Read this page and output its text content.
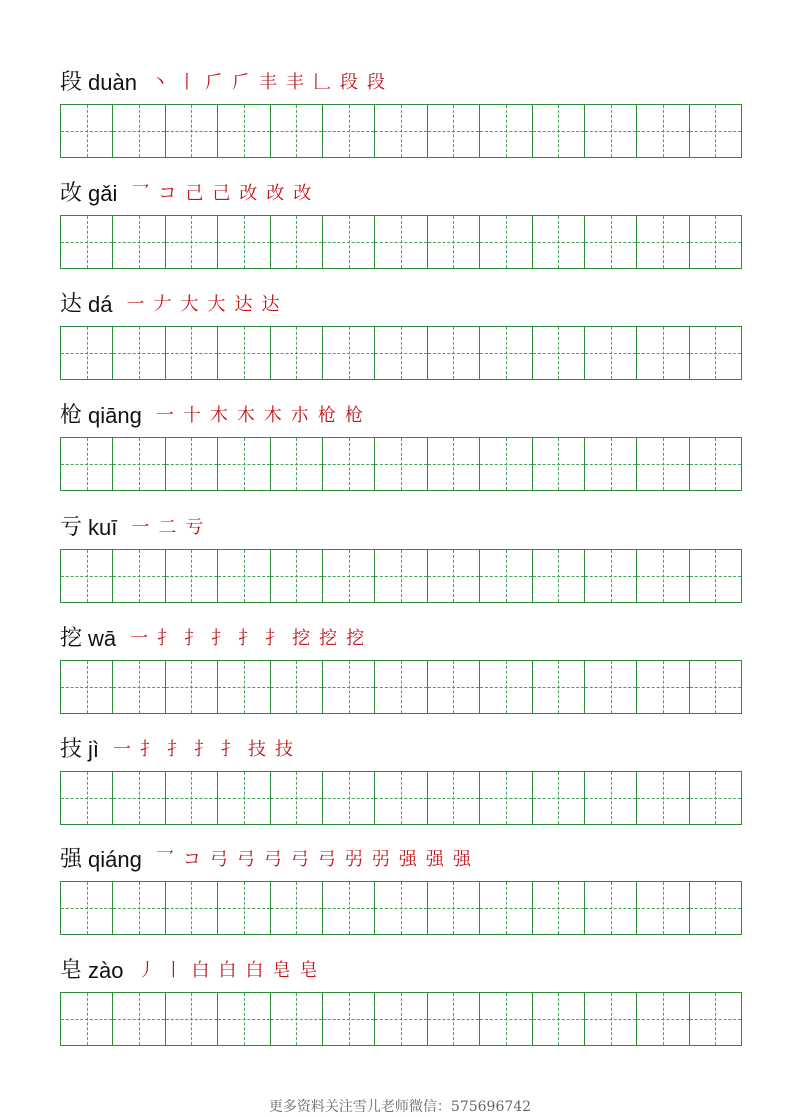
段 duàn 丶 丨 𠂆 𠂆 丰 丰 𠃊 段 段
改 gǎi 乛 コ 己 己 改 改 改
达 dá 一 𠂇 大 大 达 达
枪 qiāng 一 十 木 木 木 朩 枪 枪
亏 kuī 一 二 亏
挖 wā 一 扌 扌 扌 扌 扌 挖 挖 挖
技 jì 一 扌 扌 扌 扌 技 技
强 qiáng 乛 コ 弓 弓 弓 弓 弓 弜 弜 强 强 强
皂 zào 丿 丨 白 白 白 皂 皂
更多资料关注雪儿老师微信：575696742
